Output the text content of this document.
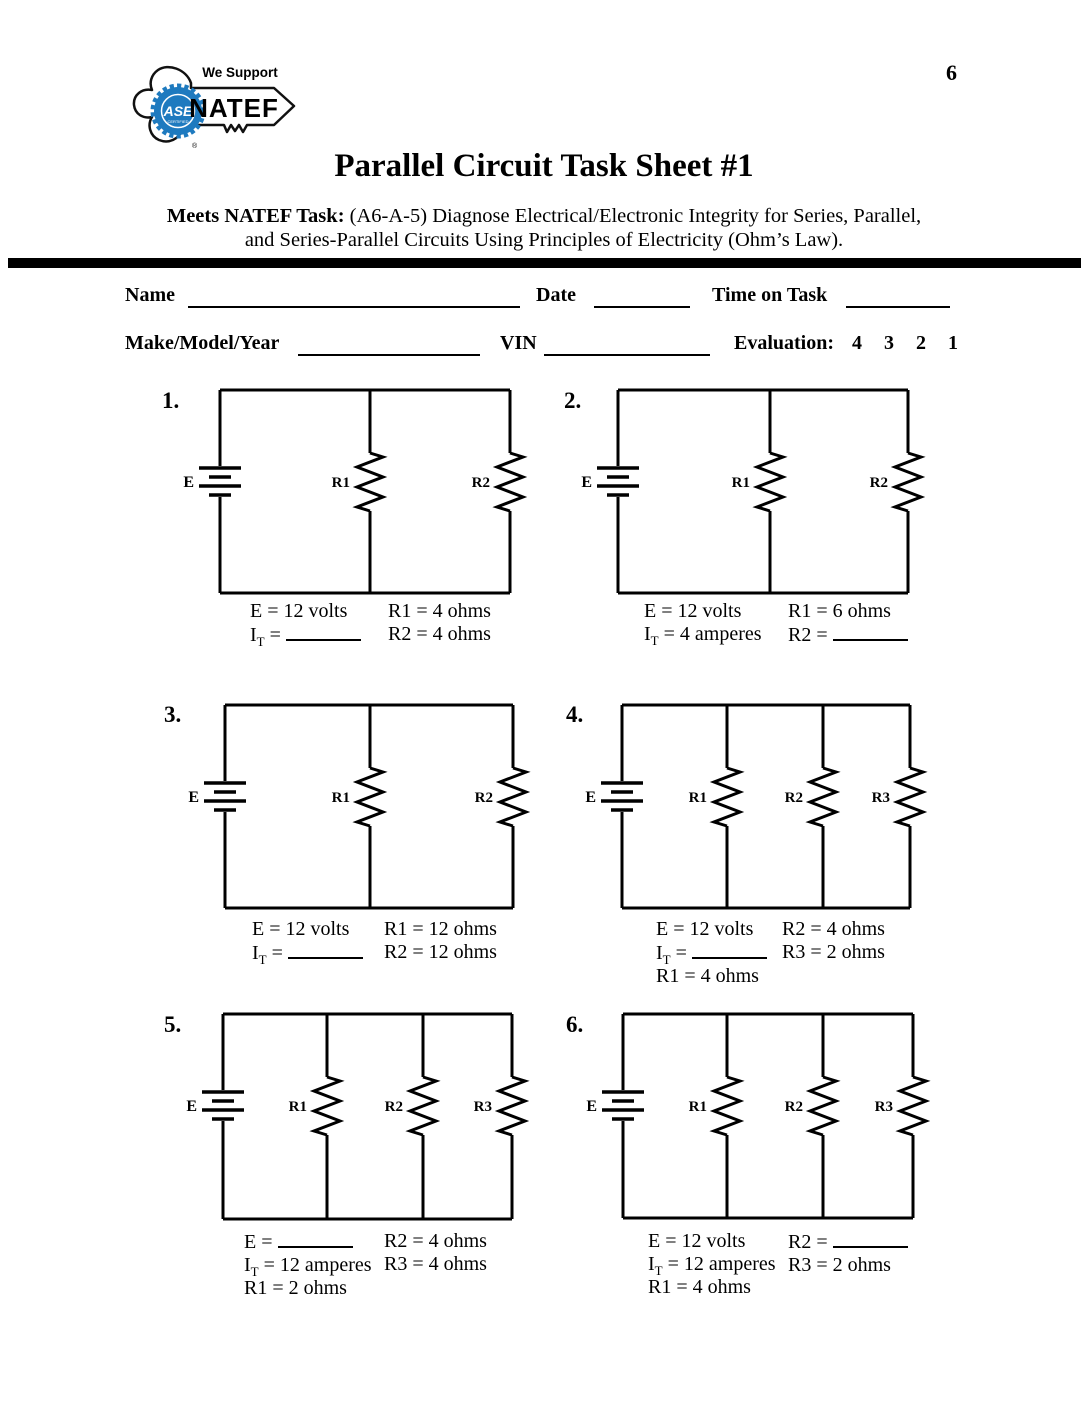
6
ASE
CERTIFIED
We Support
NATEF
®
Parallel Circuit Task Sheet #1
Meets NATEF Task: (A6-A-5) Diagnose Electrical/Electronic Integrity for Series, Parallel,
and Series-Parallel Circuits Using Principles of Electricity (Ohm’s Law).
Name	Date	Time on Task
Make/Model/Year	VIN	Evaluation: 4 3 2 1
1.
E	R1	R2
E = 12 volts
$I_T$ =
R1 = 4 ohms
R2 = 4 ohms
2.
E	R1	R2
E = 12 volts
$I_T = 4$ amperes
R1 = 6 ohms
R2 =
3.
E	R1	R2
E = 12 volts
$I_T$ =
R1 = 12 ohms
R2 = 12 ohms
4.
E	R1	R2	R3
E = 12 volts
$I_T$ =
R1 = 4 ohms
R2 = 4 ohms
R3 = 2 ohms
5.
E	R1	R2	R3
E =
$I_T = 12$ amperes
R1 = 2 ohms
R2 = 4 ohms
R3 = 4 ohms
6.
E	R1	R2	R3
E = 12 volts
$I_T = 12$ amperes
R1 = 4 ohms
R2 =
R3 = 2 ohms
